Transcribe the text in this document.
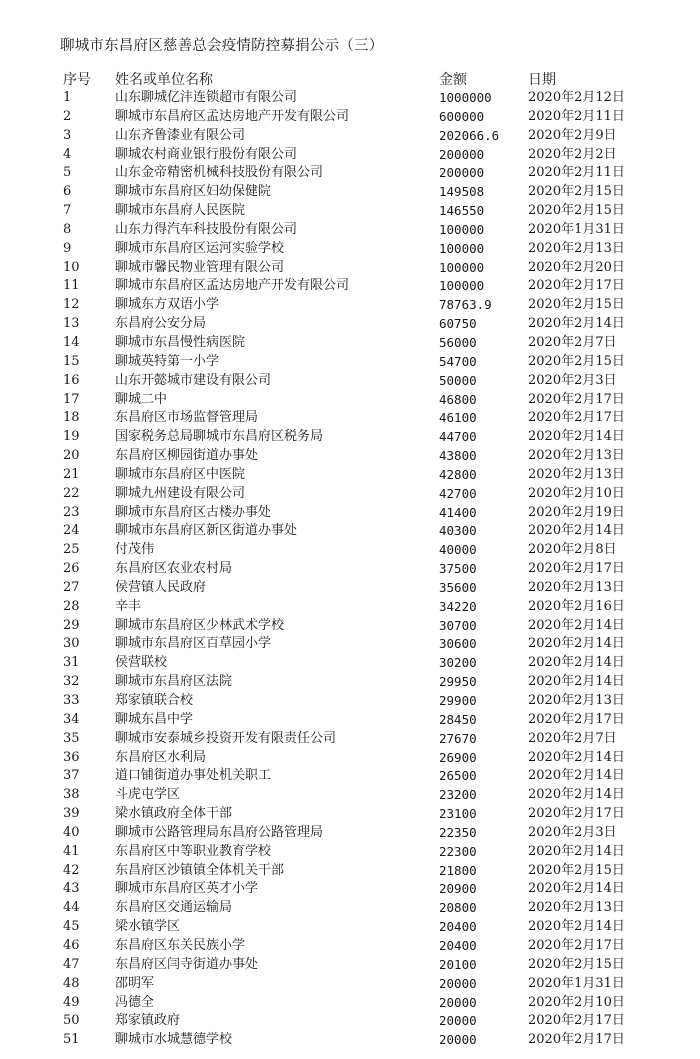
聊城市东昌府区慈善总会疫情防控募捐公示（三）
序号 姓名或单位名称	金额	日期
1	山东聊城亿沣连锁超市有限公司	1000000	2020年2月12日
2	聊城市东昌府区孟达房地产开发有限公司	600000	2020年2月11日
3	山东齐鲁漆业有限公司	202066.6 2020年2月9日
4	聊城农村商业银行股份有限公司	200000	2020年2月2日
5	山东金帝精密机械科技股份有限公司	200000	2020年2月11日
6	聊城市东昌府区妇幼保健院	149508	2020年2月15日
7	聊城市东昌府人民医院	146550	2020年2月15日
8	山东力得汽车科技股份有限公司	100000	2020年1月31日
9	聊城市东昌府区运河实验学校	100000	2020年2月13日
10	聊城市馨民物业管理有限公司	100000	2020年2月20日
11	聊城市东昌府区孟达房地产开发有限公司	100000	2020年2月17日
12	聊城东方双语小学	78763.9	2020年2月15日
13	东昌府公安分局	60750	2020年2月14日
14	聊城市东昌慢性病医院	56000	2020年2月7日
15	聊城英特第一小学	54700	2020年2月15日
16	山东开懿城市建设有限公司	50000	2020年2月3日
17	聊城二中	46800	2020年2月17日
18	东昌府区市场监督管理局	46100	2020年2月17日
19	国家税务总局聊城市东昌府区税务局	44700	2020年2月14日
20	东昌府区柳园街道办事处	43800	2020年2月13日
21	聊城市东昌府区中医院	42800	2020年2月13日
22	聊城九州建设有限公司	42700	2020年2月10日
23	聊城市东昌府区古楼办事处	41400	2020年2月19日
24	聊城市东昌府区新区街道办事处	40300	2020年2月14日
25	付茂伟	40000	2020年2月8日
26	东昌府区农业农村局	37500	2020年2月17日
27	侯营镇人民政府	35600	2020年2月13日
28	辛丰	34220	2020年2月16日
29	聊城市东昌府区少林武术学校	30700	2020年2月14日
30	聊城市东昌府区百草园小学	30600	2020年2月14日
31	侯营联校	30200	2020年2月14日
32	聊城市东昌府区法院	29950	2020年2月14日
33	郑家镇联合校	29900	2020年2月13日
34	聊城东昌中学	28450	2020年2月17日
35	聊城市安泰城乡投资开发有限责任公司	27670	2020年2月7日
36	东昌府区水利局	26900	2020年2月14日
37	道口铺街道办事处机关职工	26500	2020年2月14日
38	斗虎屯学区	23200	2020年2月14日
39	梁水镇政府全体干部	23100	2020年2月17日
40	聊城市公路管理局东昌府公路管理局	22350	2020年2月3日
41	东昌府区中等职业教育学校	22300	2020年2月14日
42	东昌府区沙镇镇全体机关干部	21800	2020年2月15日
43	聊城市东昌府区英才小学	20900	2020年2月14日
44	东昌府区交通运输局	20800	2020年2月13日
45	梁水镇学区	20400	2020年2月14日
46	东昌府区东关民族小学	20400	2020年2月17日
47	东昌府区闫寺街道办事处	20100	2020年2月15日
48	邵明军	20000	2020年1月31日
49	冯德全	20000	2020年2月10日
50	郑家镇政府	20000	2020年2月17日
51	聊城市水城慧德学校	20000	2020年2月17日
